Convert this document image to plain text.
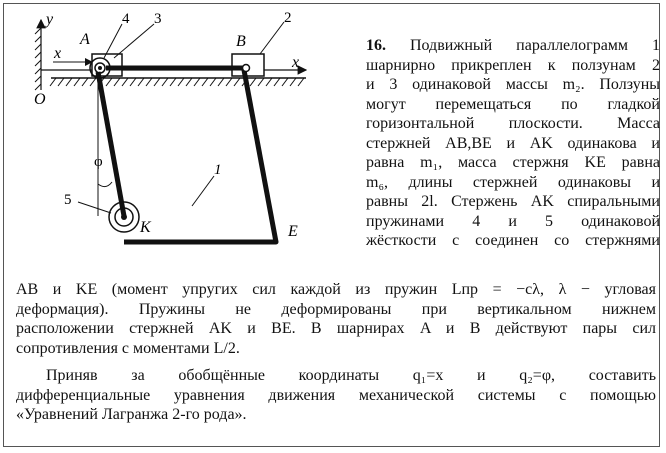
y
x
x
O
A	B
K	E
φ	1
2
3
4
5
16. Подвижный параллелограмм 1
шарнирно прикреплен к ползунам 2
и 3 одинаковой массы m₂. Ползуны
могут перемещаться по гладкой
горизонтальной плоскости. Масса
стержней AB,BE и AK одинакова и
равна m₁, масса стержня KE равна
m₆, длины стержней одинаковы и
равны 2l. Стержень AK спиральными
пружинами 4 и 5 одинаковой
жёсткости c соединен со стержнями
AB и KE (момент упругих сил каждой из пружин Lпр = −cλ, λ − угловая
деформация). Пружины не деформированы при вертикальном нижнем
расположении стержней AK и BE. В шарнирах A и B действуют пары сил
сопротивления с моментами L/2.
Приняв за обобщённые координаты q₁=x и q₂=φ, составить
дифференциальные уравнения движения механической системы с помощью
«Уравнений Лагранжа 2-го рода».
